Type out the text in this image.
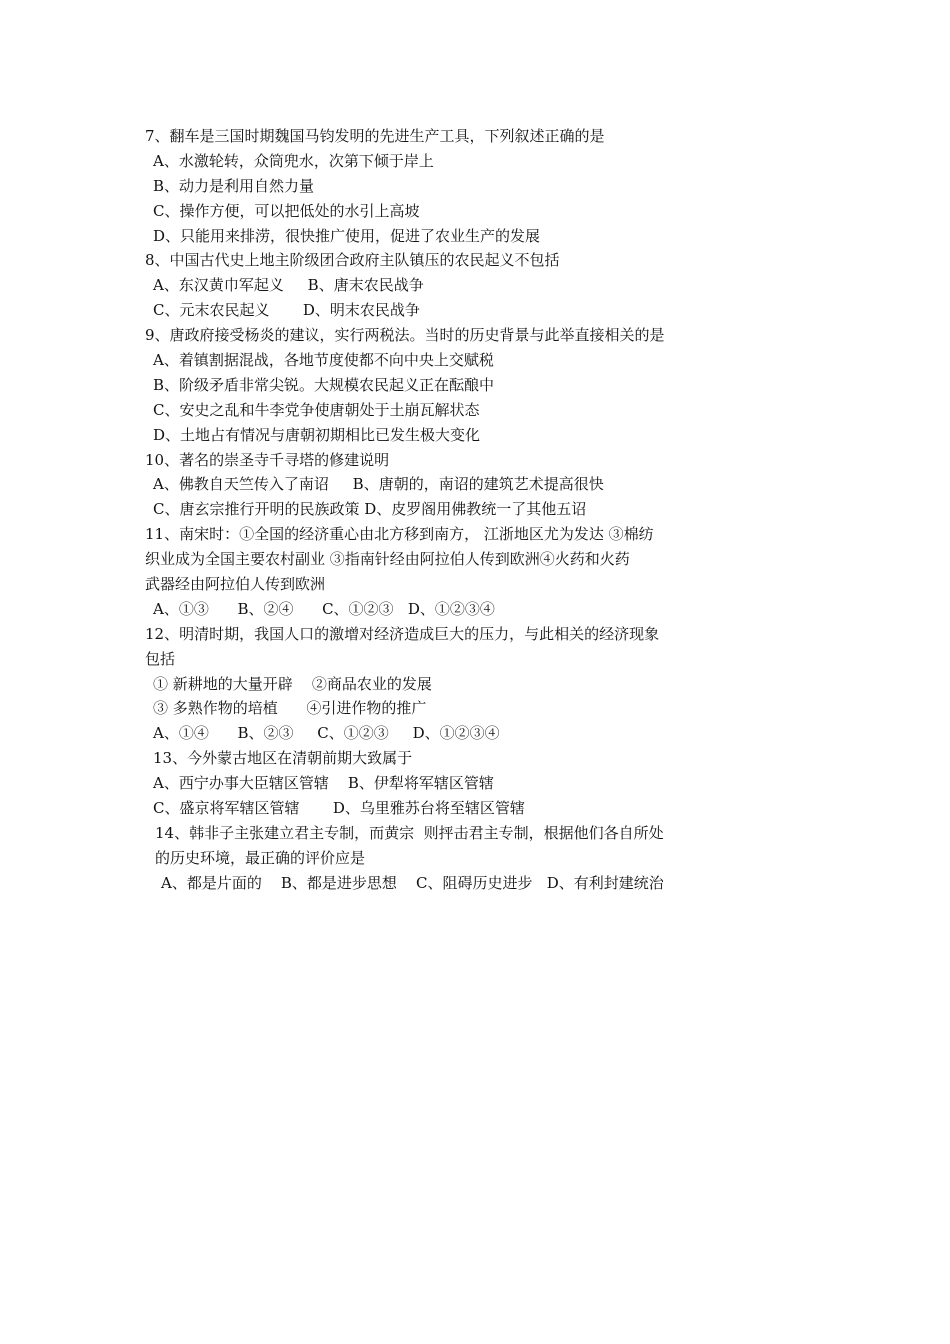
7、翻车是三国时期魏国马钧发明的先进生产工具，下列叙述正确的是
A、水激轮转，众筒兜水，次第下倾于岸上
B、动力是利用自然力量
C、操作方便，可以把低处的水引上高坡
D、只能用来排涝，很快推广使用，促进了农业生产的发展
8、中国古代史上地主阶级团合政府主队镇压的农民起义不包括
A、东汉黄巾军起义     B、唐末农民战争
C、元末农民起义       D、明末农民战争
9、唐政府接受杨炎的建议，实行两税法。当时的历史背景与此举直接相关的是
A、着镇割据混战，各地节度使都不向中央上交赋税
B、阶级矛盾非常尖锐。大规模农民起义正在酝酿中
C、安史之乱和牛李党争使唐朝处于土崩瓦解状态
D、土地占有情况与唐朝初期相比已发生极大变化
10、著名的崇圣寺千寻塔的修建说明
A、佛教自天竺传入了南诏     B、唐朝的，南诏的建筑艺术提高很快
C、唐玄宗推行开明的民族政策 D、皮罗阁用佛教统一了其他五诏
11、南宋时：①全国的经济重心由北方移到南方， 江浙地区尤为发达 ③棉纺
织业成为全国主要农村副业 ③指南针经由阿拉伯人传到欧洲④火药和火药
武器经由阿拉伯人传到欧洲
A、①③      B、②④      C、①②③   D、①②③④
12、明清时期，我国人口的激增对经济造成巨大的压力，与此相关的经济现象
包括
① 新耕地的大量开辟    ②商品农业的发展
③ 多熟作物的培植      ④引进作物的推广
A、①④      B、②③     C、①②③     D、①②③④
13、今外蒙古地区在清朝前期大致属于
A、西宁办事大臣辖区管辖    B、伊犁将军辖区管辖
C、盛京将军辖区管辖       D、乌里雅苏台将至辖区管辖
14、韩非子主张建立君主专制，而黄宗  则抨击君主专制，根据他们各自所处
的历史环境，最正确的评价应是
A、都是片面的    B、都是进步思想    C、阻碍历史进步   D、有利封建统治
